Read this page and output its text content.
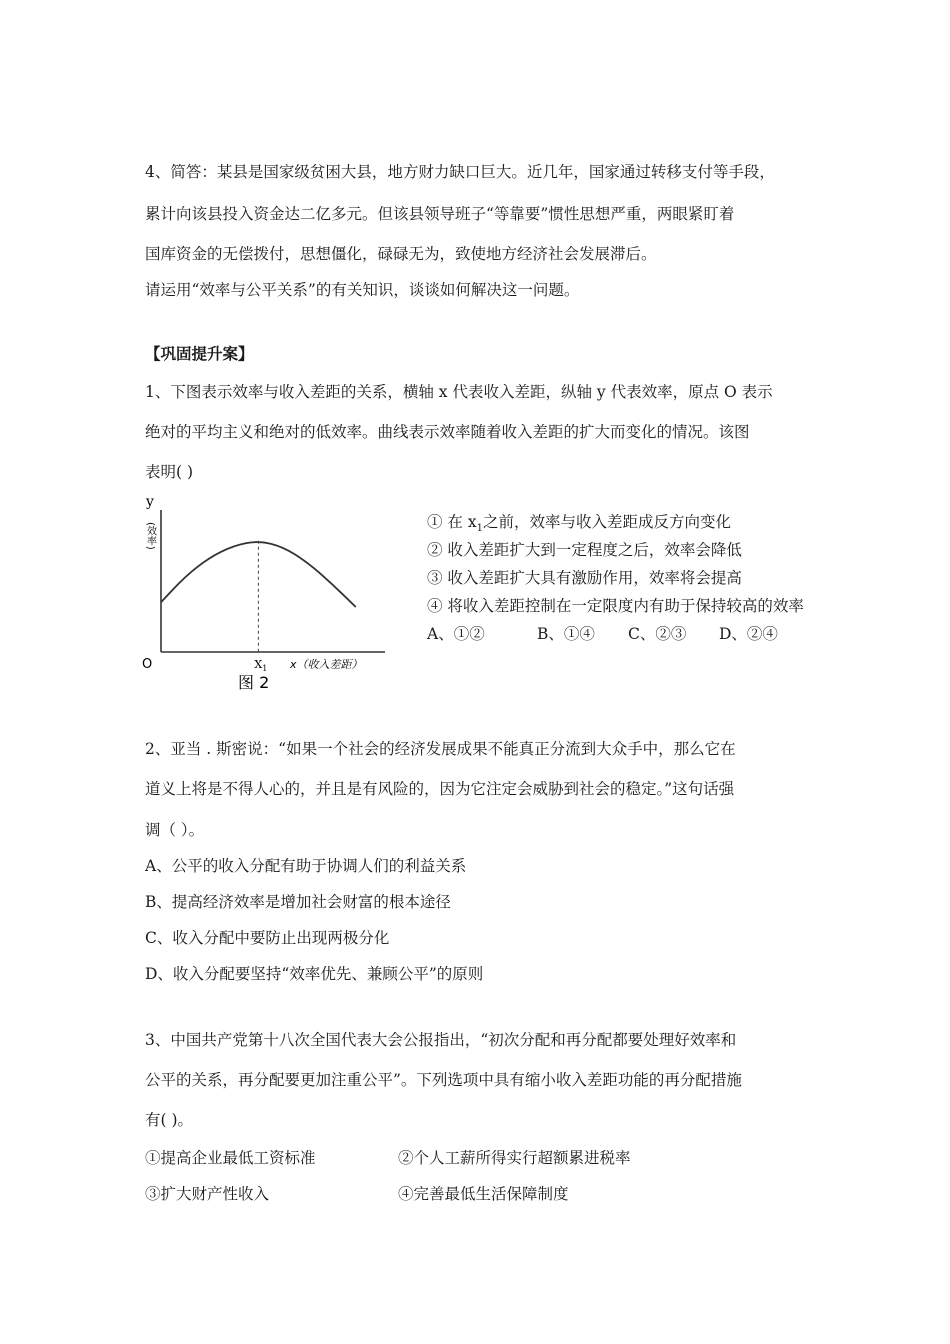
4、简答：某县是国家级贫困大县，地方财力缺口巨大。近几年，国家通过转移支付等手段，
累计向该县投入资金达二亿多元。但该县领导班子“等靠要”惯性思想严重，两眼紧盯着
国库资金的无偿拨付，思想僵化，碌碌无为，致使地方经济社会发展滞后。
请运用“效率与公平关系”的有关知识，谈谈如何解决这一问题。
【巩固提升案】
1、下图表示效率与收入差距的关系，横轴 x 代表收入差距，纵轴 y 代表效率，原点 O 表示
绝对的平均主义和绝对的低效率。曲线表示效率随着收入差距的扩大而变化的情况。该图
表明( )
y
(效率)
O	$X_1$ x（收入差距）
图 2
① 在 $x_1$之前，效率与收入差距成反方向变化
② 收入差距扩大到一定程度之后，效率会降低
③ 收入差距扩大具有激励作用，效率将会提高
④ 将收入差距控制在一定限度内有助于保持较高的效率
A、①②	B、①④ C、②③ D、②④
2、亚当 . 斯密说：“如果一个社会的经济发展成果不能真正分流到大众手中，那么它在
道义上将是不得人心的，并且是有风险的，因为它注定会威胁到社会的稳定。”这句话强
调（ ）。
A、公平的收入分配有助于协调人们的利益关系
B、提高经济效率是增加社会财富的根本途径
C、收入分配中要防止出现两极分化
D、收入分配要坚持“效率优先、兼顾公平”的原则
3、中国共产党第十八次全国代表大会公报指出，“初次分配和再分配都要处理好效率和
公平的关系，再分配要更加注重公平”。下列选项中具有缩小收入差距功能的再分配措施
有( )。
①提高企业最低工资标准	②个人工薪所得实行超额累进税率
③扩大财产性收入	④完善最低生活保障制度
